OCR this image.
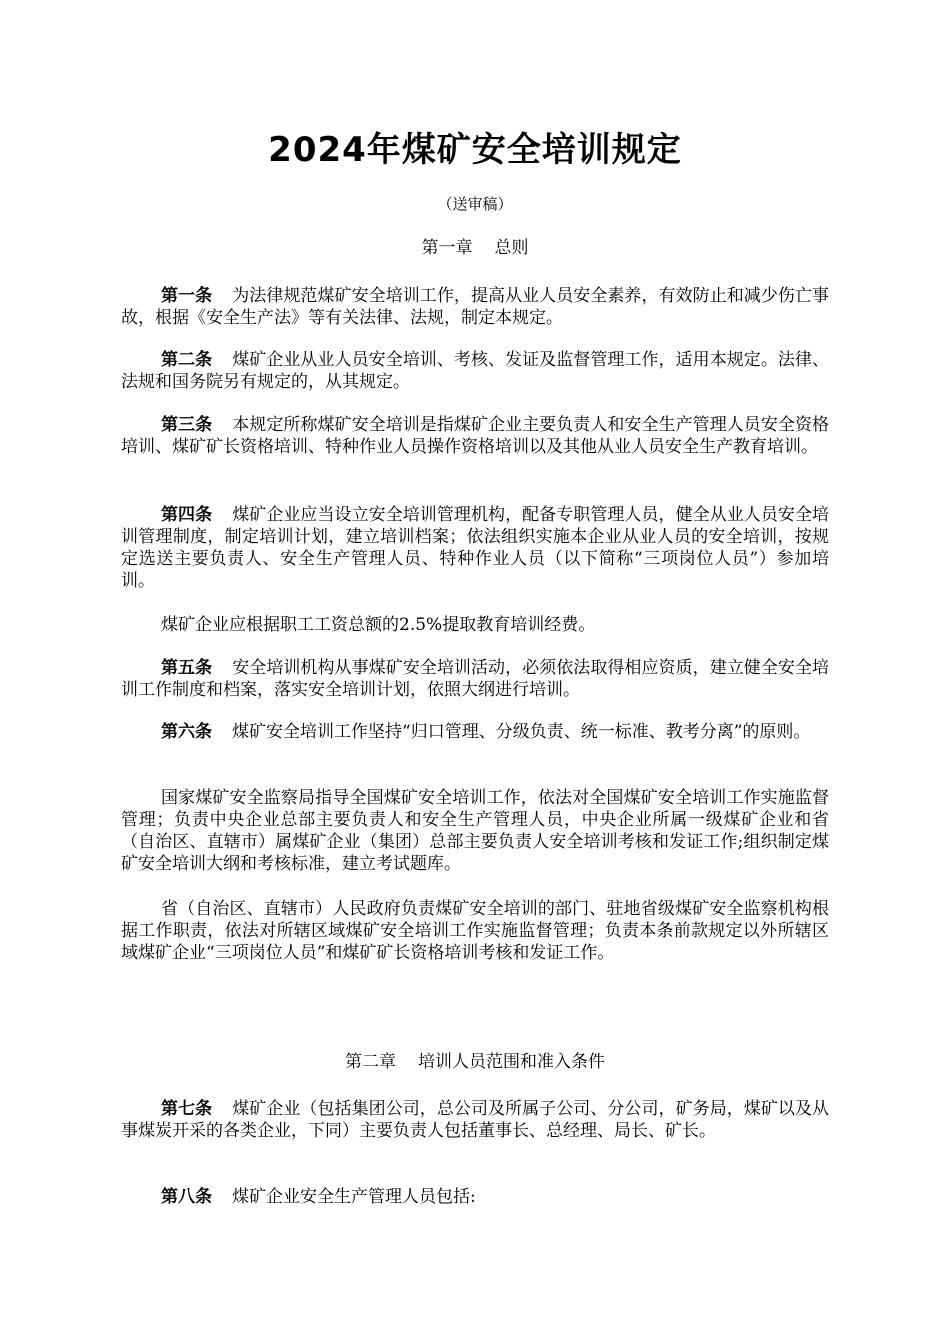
2024年煤矿安全培训规定
（送审稿）
第一章 总则
第一条 为法律规范煤矿安全培训工作，提高从业人员安全素养，有效防止和减少伤亡事故，根据《安全生产法》等有关法律、法规，制定本规定。
第二条 煤矿企业从业人员安全培训、考核、发证及监督管理工作，适用本规定。法律、法规和国务院另有规定的，从其规定。
第三条 本规定所称煤矿安全培训是指煤矿企业主要负责人和安全生产管理人员安全资格培训、煤矿矿长资格培训、特种作业人员操作资格培训以及其他从业人员安全生产教育培训。
第四条 煤矿企业应当设立安全培训管理机构，配备专职管理人员，健全从业人员安全培训管理制度，制定培训计划，建立培训档案；依法组织实施本企业从业人员的安全培训，按规定选送主要负责人、安全生产管理人员、特种作业人员（以下简称“三项岗位人员”）参加培训。
煤矿企业应根据职工工资总额的2.5%提取教育培训经费。
第五条 安全培训机构从事煤矿安全培训活动，必须依法取得相应资质，建立健全安全培训工作制度和档案，落实安全培训计划，依照大纲进行培训。
第六条 煤矿安全培训工作坚持“归口管理、分级负责、统一标准、教考分离”的原则。
国家煤矿安全监察局指导全国煤矿安全培训工作，依法对全国煤矿安全培训工作实施监督管理；负责中央企业总部主要负责人和安全生产管理人员，中央企业所属一级煤矿企业和省（自治区、直辖市）属煤矿企业（集团）总部主要负责人安全培训考核和发证工作;组织制定煤矿安全培训大纲和考核标准，建立考试题库。
省（自治区、直辖市）人民政府负责煤矿安全培训的部门、驻地省级煤矿安全监察机构根据工作职责，依法对所辖区域煤矿安全培训工作实施监督管理；负责本条前款规定以外所辖区域煤矿企业“三项岗位人员”和煤矿矿长资格培训考核和发证工作。
第二章 培训人员范围和准入条件
第七条 煤矿企业（包括集团公司，总公司及所属子公司、分公司，矿务局，煤矿以及从事煤炭开采的各类企业，下同）主要负责人包括董事长、总经理、局长、矿长。
第八条 煤矿企业安全生产管理人员包括:
